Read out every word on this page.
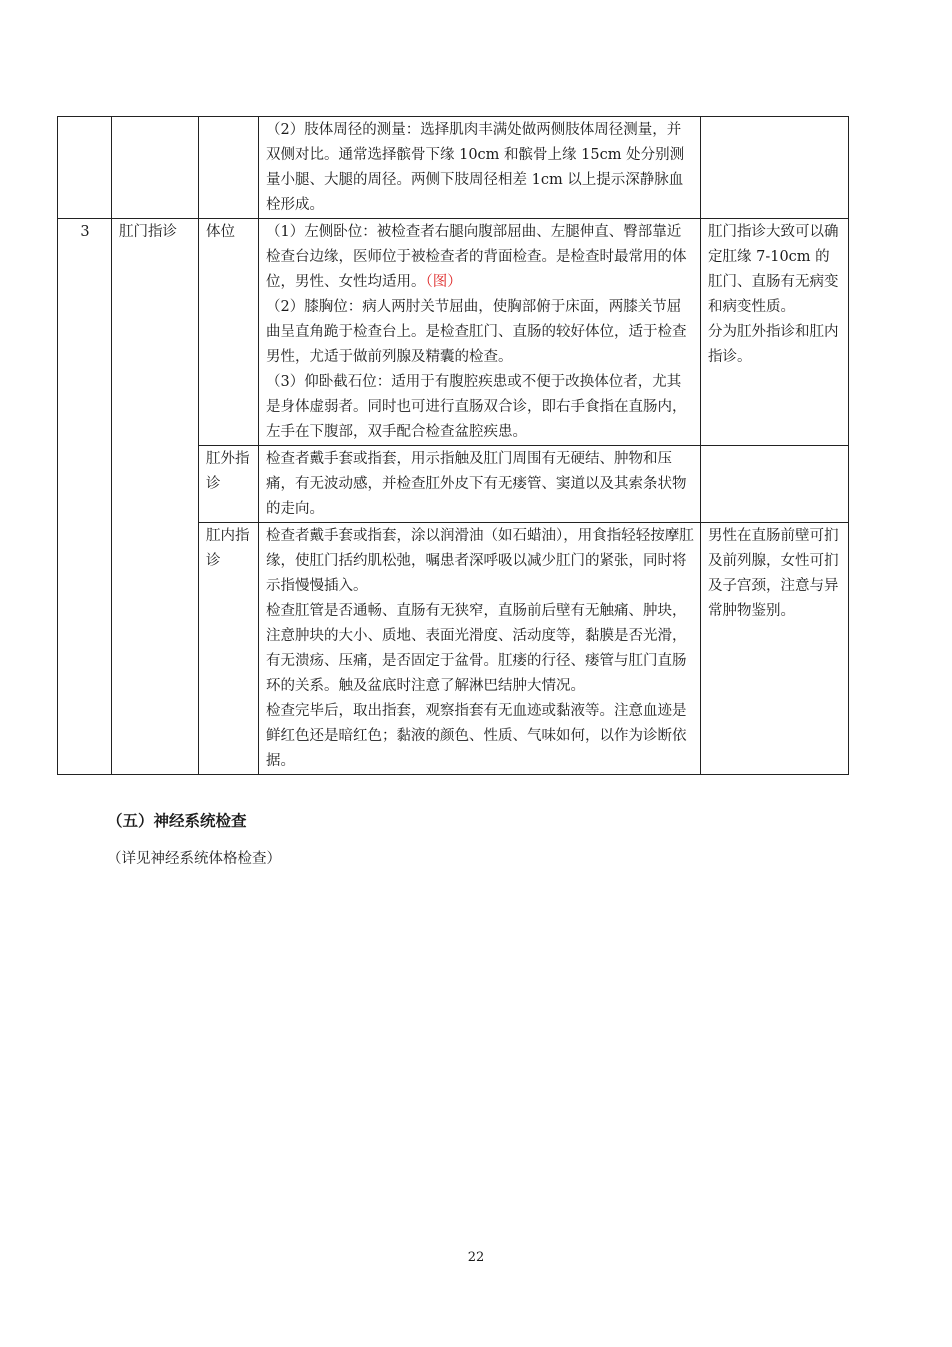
			（2）肢体周径的测量：选择肌肉丰满处做两侧肢体周径测量，并双侧对比。通常选择髌骨下缘 10cm 和髌骨上缘 15cm 处分别测量小腿、大腿的周径。两侧下肢周径相差 1cm 以上提示深静脉血栓形成。	

3	肛门指诊	体位	（1）左侧卧位：被检查者右腿向腹部屈曲、左腿伸直、臀部靠近检查台边缘，医师位于被检查者的背面检查。是检查时最常用的体位，男性、女性均适用。（图）
（2）膝胸位：病人两肘关节屈曲，使胸部俯于床面，两膝关节屈曲呈直角跪于检查台上。是检查肛门、直肠的较好体位，适于检查男性，尤适于做前列腺及精囊的检查。
（3）仰卧截石位：适用于有腹腔疾患或不便于改换体位者，尤其是身体虚弱者。同时也可进行直肠双合诊，即右手食指在直肠内，左手在下腹部，双手配合检查盆腔疾患。	肛门指诊大致可以确定肛缘 7-10cm 的肛门、直肠有无病变和病变性质。
分为肛外指诊和肛内指诊。

		肛外指诊	检查者戴手套或指套，用示指触及肛门周围有无硬结、肿物和压痛，有无波动感，并检查肛外皮下有无瘘管、窦道以及其索条状物的走向。	
		肛内指诊	检查者戴手套或指套，涂以润滑油（如石蜡油），用食指轻轻按摩肛缘，使肛门括约肌松弛，嘱患者深呼吸以减少肛门的紧张，同时将示指慢慢插入。
检查肛管是否通畅、直肠有无狭窄，直肠前后壁有无触痛、肿块，注意肿块的大小、质地、表面光滑度、活动度等，黏膜是否光滑，有无溃疡、压痛，是否固定于盆骨。肛瘘的行径、瘘管与肛门直肠环的关系。触及盆底时注意了解淋巴结肿大情况。
检查完毕后，取出指套，观察指套有无血迹或黏液等。注意血迹是鲜红色还是暗红色；黏液的颜色、性质、气味如何，以作为诊断依据。	男性在直肠前壁可扪及前列腺，女性可扪及子宫颈，注意与异常肿物鉴别。
（五）神经系统检查
（详见神经系统体格检查）
22
